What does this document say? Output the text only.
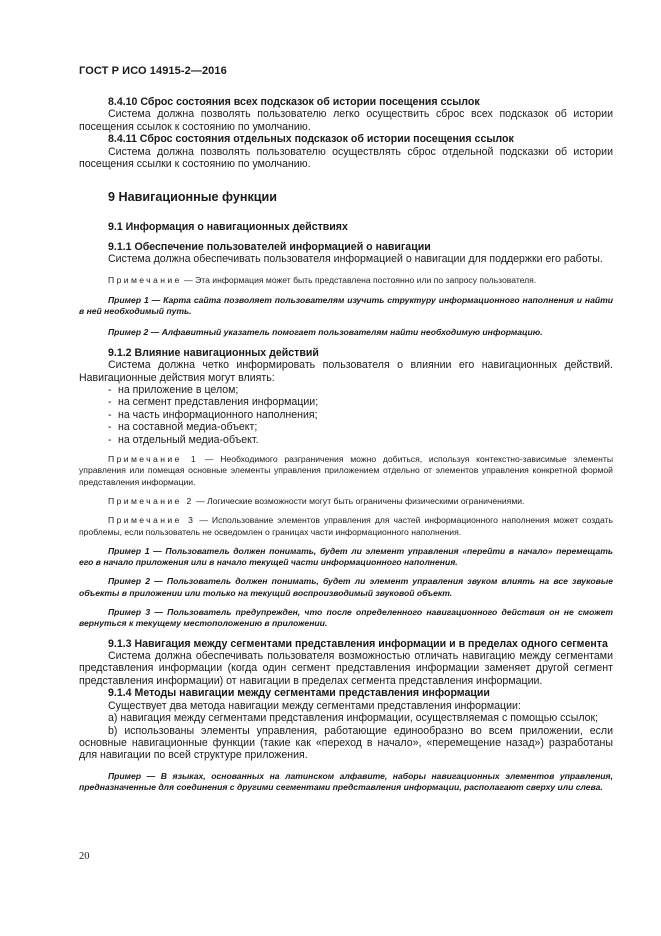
ГОСТ Р ИСО 14915-2—2016

8.4.10 Сброс состояния всех подсказок об истории посещения ссылок

Система должна позволять пользователю легко осуществить сброс всех подсказок об истории посещения ссылок к состоянию по умолчанию.

8.4.11 Сброс состояния отдельных подсказок об истории посещения ссылок

Система должна позволять пользователю осуществлять сброс отдельной подсказки об истории посещения ссылки к состоянию по умолчанию.

9 Навигационные функции

9.1 Информация о навигационных действиях

9.1.1 Обеспечение пользователей информацией о навигации

Система должна обеспечивать пользователя информацией о навигации для поддержки его работы.

Примечание — Эта информация может быть представлена постоянно или по запросу пользователя.

Пример 1 — Карта сайта позволяет пользователям изучить структуру информационного наполнения и найти в ней необходимый путь.

Пример 2 — Алфавитный указатель помогает пользователям найти необходимую информацию.

9.1.2 Влияние навигационных действий

Система должна четко информировать пользователя о влиянии его навигационных действий. Навигационные действия могут влиять:

- на приложение в целом;
- на сегмент представления информации;
- на часть информационного наполнения;
- на составной медиа-объект;
- на отдельный медиа-объект.

Примечание 1 — Необходимого разграничения можно добиться, используя контекстно-зависимые элементы управления или помещая основные элементы управления приложением отдельно от элементов управления конкретной формой представления информации.

Примечание 2 — Логические возможности могут быть ограничены физическими ограничениями.

Примечание 3 — Использование элементов управления для частей информационного наполнения может создать проблемы, если пользователь не осведомлен о границах части информационного наполнения.

Пример 1 — Пользователь должен понимать, будет ли элемент управления «перейти в начало» перемещать его в начало приложения или в начало текущей части информационного наполнения.

Пример 2 — Пользователь должен понимать, будет ли элемент управления звуком влиять на все звуковые объекты в приложении или только на текущий воспроизводимый звуковой объект.

Пример 3 — Пользователь предупрежден, что после определенного навигационного действия он не сможет вернуться к текущему местоположению в приложении.

9.1.3 Навигация между сегментами представления информации и в пределах одного сегмента

Система должна обеспечивать пользователя возможностью отличать навигацию между сегментами представления информации (когда один сегмент представления информации заменяет другой сегмент представления информации) от навигации в пределах сегмента представления информации.

9.1.4 Методы навигации между сегментами представления информации

Существует два метода навигации между сегментами представления информации:

а) навигация между сегментами представления информации, осуществляемая с помощью ссылок;

b) использованы элементы управления, работающие единообразно во всем приложении, если основные навигационные функции (такие как «переход в начало», «перемещение назад») разработаны для навигации по всей структуре приложения.

Пример — В языках, основанных на латинском алфавите, наборы навигационных элементов управления, предназначенные для соединения с другими сегментами представления информации, располагают сверху или слева.

20
